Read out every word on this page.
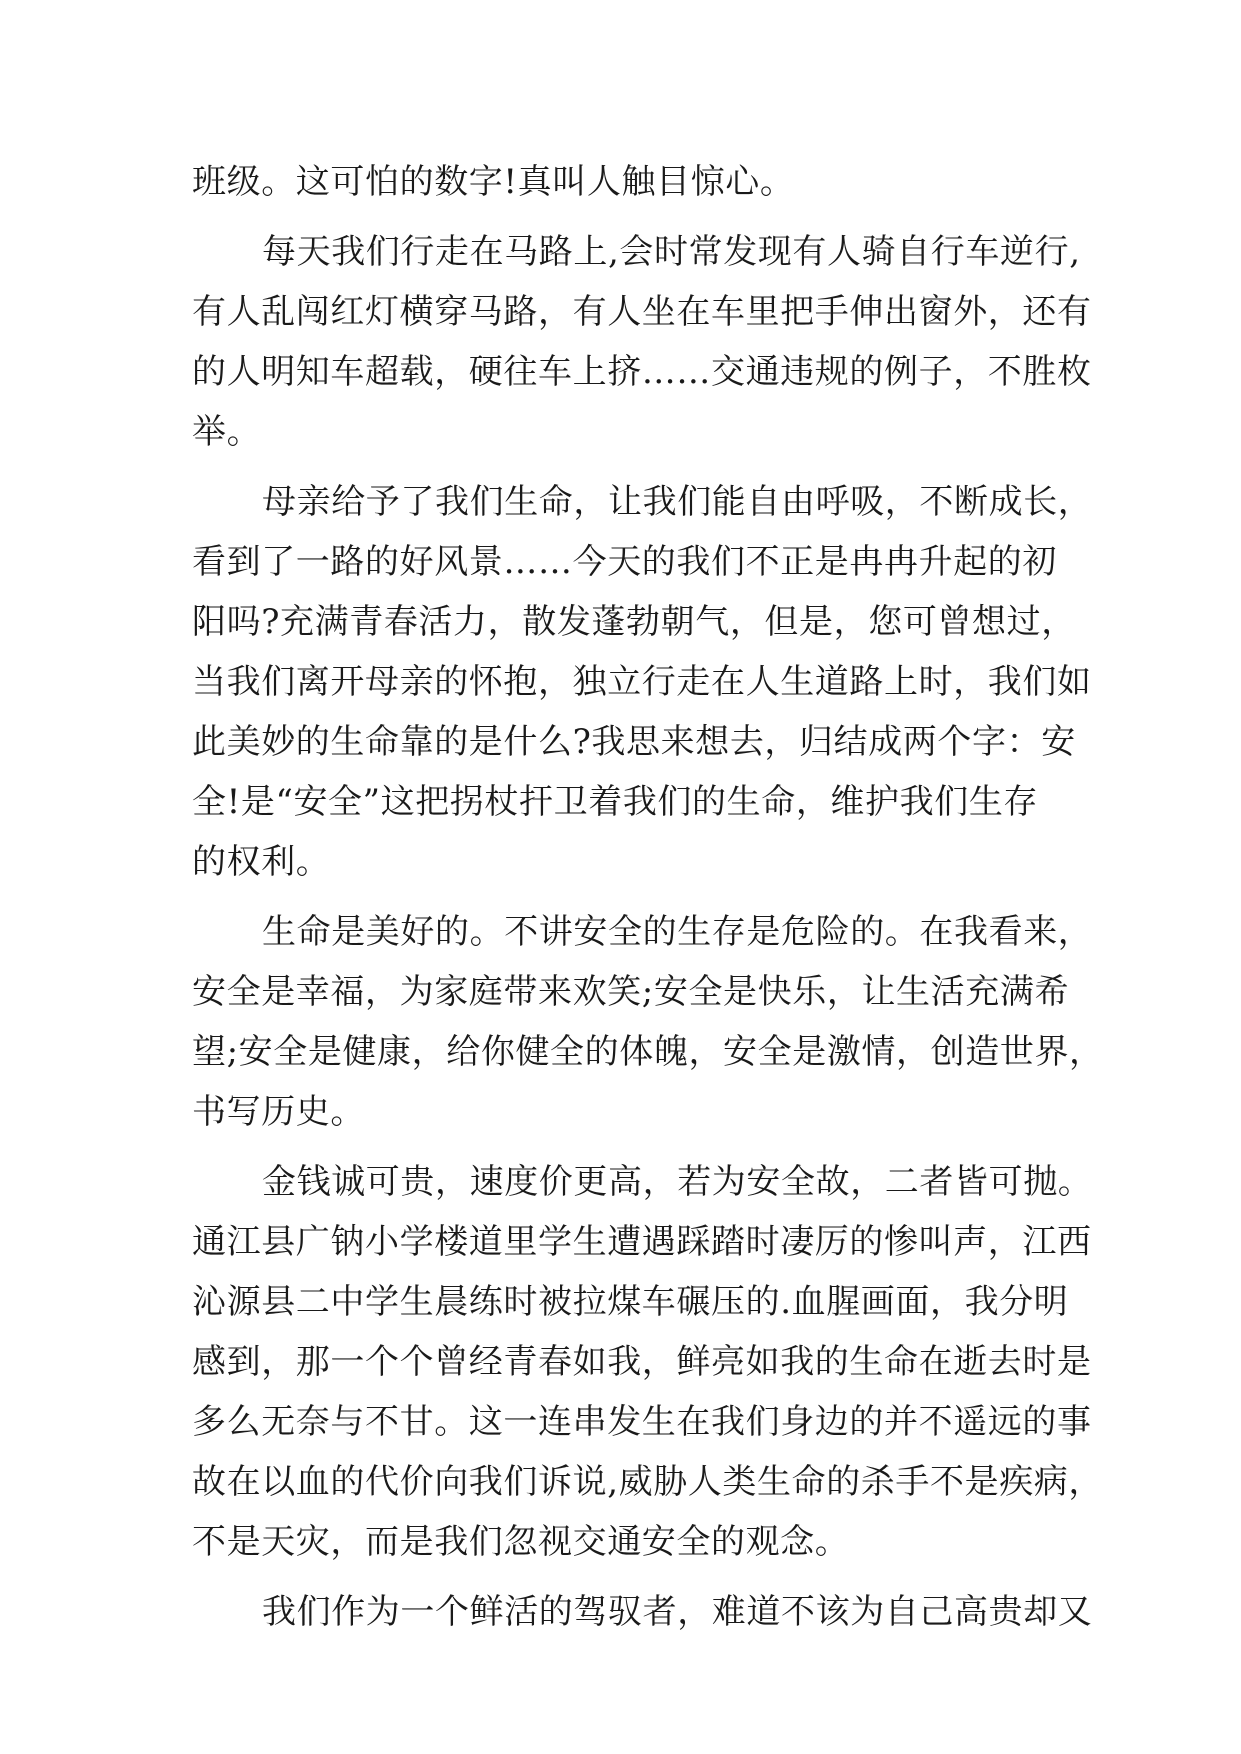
班级。这可怕的数字!真叫人触目惊心。
每天我们行走在马路上,会时常发现有人骑自行车逆行,
有人乱闯红灯横穿马路，有人坐在车里把手伸出窗外，还有
的人明知车超载，硬往车上挤……交通违规的例子，不胜枚
举。
母亲给予了我们生命，让我们能自由呼吸，不断成长，
看到了一路的好风景……今天的我们不正是冉冉升起的初
阳吗?充满青春活力，散发蓬勃朝气，但是，您可曾想过，
当我们离开母亲的怀抱，独立行走在人生道路上时，我们如
此美妙的生命靠的是什么?我思来想去，归结成两个字：安
全!是“安全”这把拐杖扞卫着我们的生命，维护我们生存
的权利。
生命是美好的。不讲安全的生存是危险的。在我看来，
安全是幸福，为家庭带来欢笑;安全是快乐，让生活充满希
望;安全是健康，给你健全的体魄，安全是激情，创造世界，
书写历史。
金钱诚可贵，速度价更高，若为安全故，二者皆可抛。
通江县广钠小学楼道里学生遭遇踩踏时凄厉的惨叫声，江西
沁源县二中学生晨练时被拉煤车碾压的.血腥画面，我分明
感到，那一个个曾经青春如我，鲜亮如我的生命在逝去时是
多么无奈与不甘。这一连串发生在我们身边的并不遥远的事
故在以血的代价向我们诉说,威胁人类生命的杀手不是疾病，
不是天灾，而是我们忽视交通安全的观念。
我们作为一个鲜活的驾驭者，难道不该为自己高贵却又
